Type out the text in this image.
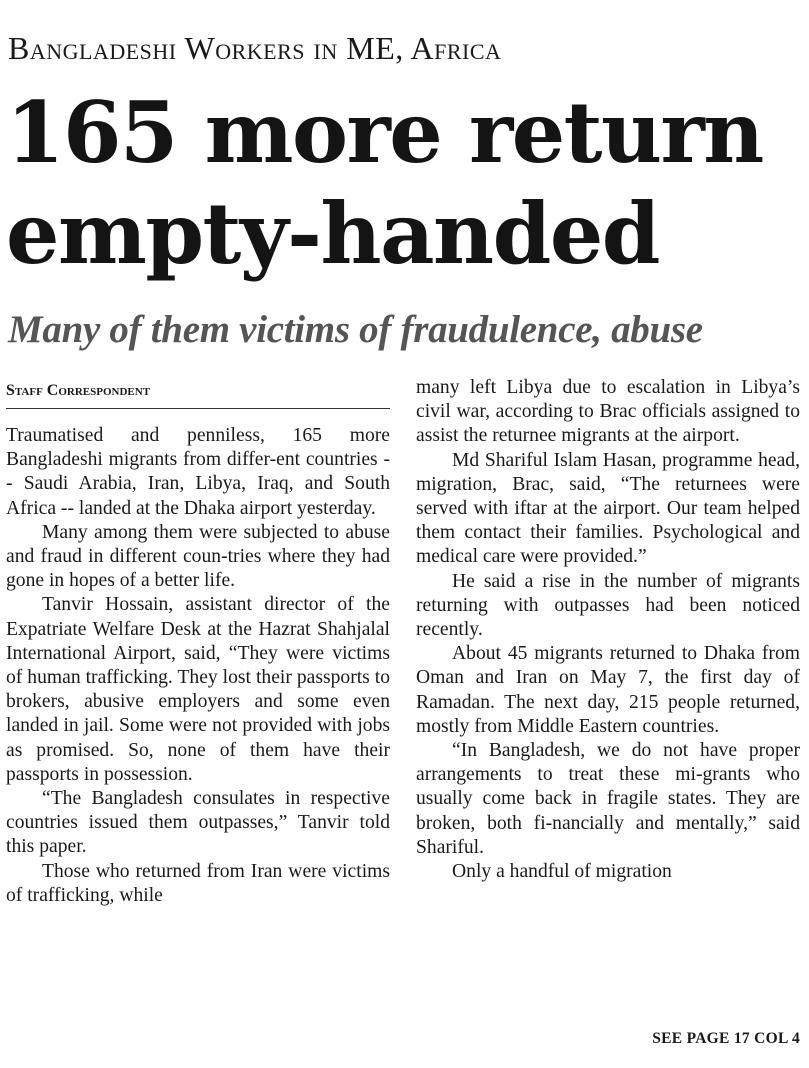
Bangladeshi Workers in ME, Africa
165 more return
empty-handed
Many of them victims of fraudulence, abuse
Staff Correspondent

Traumatised and penniless, 165 more Bangladeshi migrants from differ-ent countries -- Saudi Arabia, Iran, Libya, Iraq, and South Africa -- landed at the Dhaka airport yesterday.

Many among them were subjected to abuse and fraud in different coun-tries where they had gone in hopes of a better life.

Tanvir Hossain, assistant director of the Expatriate Welfare Desk at the Hazrat Shahjalal International Airport, said, “They were victims of human trafficking. They lost their passports to brokers, abusive employers and some even landed in jail. Some were not provided with jobs as promised. So, none of them have their passports in possession.

“The Bangladesh consulates in respective countries issued them outpasses,” Tanvir told this paper.

Those who returned from Iran were victims of trafficking, while

many left Libya due to escalation in Libya’s civil war, according to Brac officials assigned to assist the returnee migrants at the airport.

Md Shariful Islam Hasan, programme head, migration, Brac, said, “The returnees were served with iftar at the airport. Our team helped them contact their families. Psychological and medical care were provided.”

He said a rise in the number of migrants returning with outpasses had been noticed recently.

About 45 migrants returned to Dhaka from Oman and Iran on May 7, the first day of Ramadan. The next day, 215 people returned, mostly from Middle Eastern countries.

“In Bangladesh, we do not have proper arrangements to treat these mi-grants who usually come back in fragile states. They are broken, both fi-nancially and mentally,” said Shariful.

Only a handful of migration

SEE PAGE 17 COL 4
